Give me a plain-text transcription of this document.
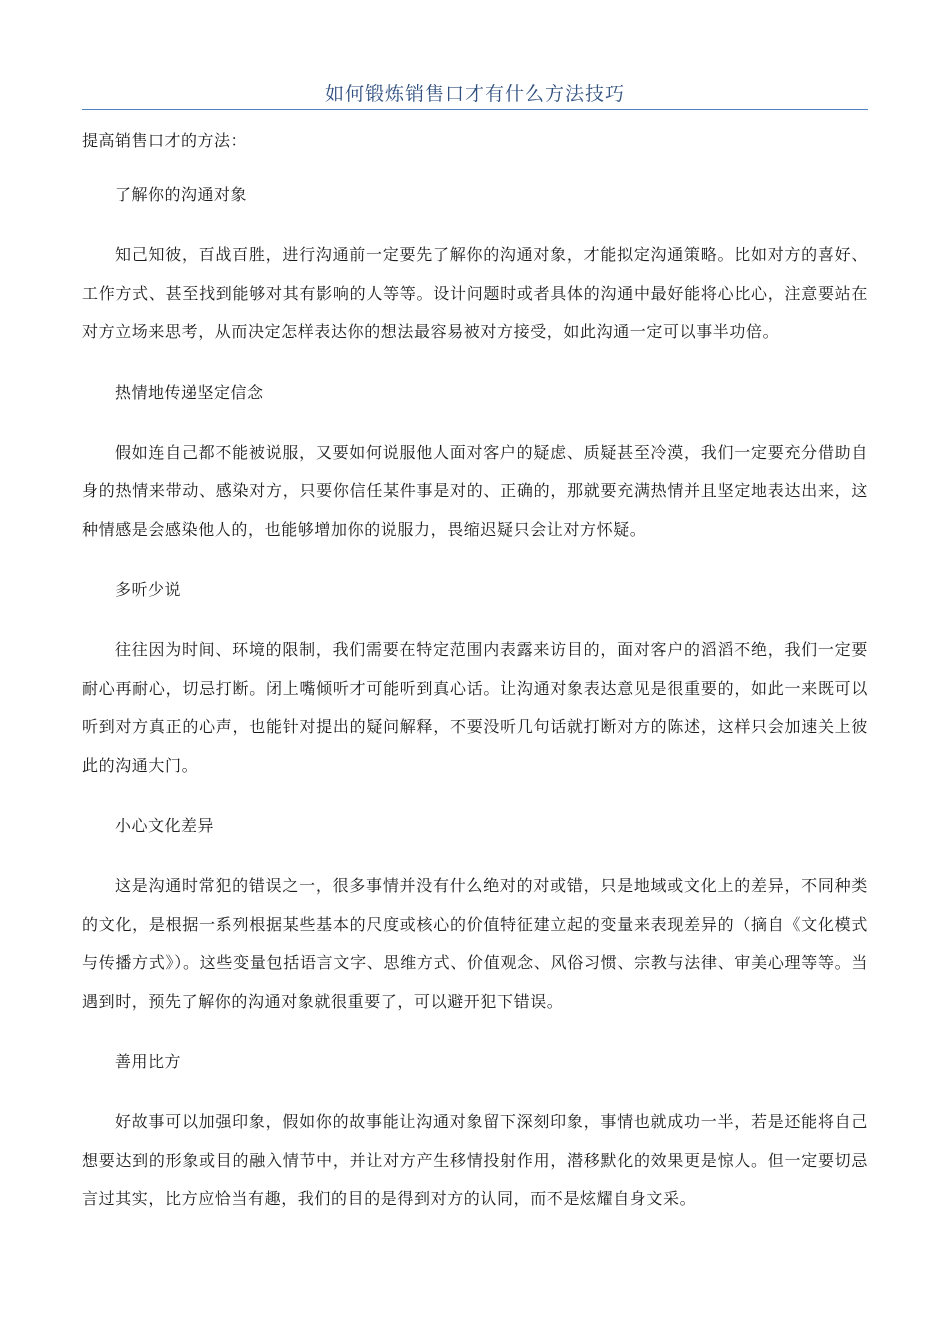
如何锻炼销售口才有什么方法技巧
提高销售口才的方法：
了解你的沟通对象
知己知彼，百战百胜，进行沟通前一定要先了解你的沟通对象，才能拟定沟通策略。比如对方的喜好、工作方式、甚至找到能够对其有影响的人等等。设计问题时或者具体的沟通中最好能将心比心，注意要站在对方立场来思考，从而决定怎样表达你的想法最容易被对方接受，如此沟通一定可以事半功倍。
热情地传递坚定信念
假如连自己都不能被说服，又要如何说服他人面对客户的疑虑、质疑甚至冷漠，我们一定要充分借助自身的热情来带动、感染对方，只要你信任某件事是对的、正确的，那就要充满热情并且坚定地表达出来，这种情感是会感染他人的，也能够增加你的说服力，畏缩迟疑只会让对方怀疑。
多听少说
往往因为时间、环境的限制，我们需要在特定范围内表露来访目的，面对客户的滔滔不绝，我们一定要耐心再耐心，切忌打断。闭上嘴倾听才可能听到真心话。让沟通对象表达意见是很重要的，如此一来既可以听到对方真正的心声，也能针对提出的疑问解释，不要没听几句话就打断对方的陈述，这样只会加速关上彼此的沟通大门。
小心文化差异
这是沟通时常犯的错误之一，很多事情并没有什么绝对的对或错，只是地域或文化上的差异，不同种类的文化，是根据一系列根据某些基本的尺度或核心的价值特征建立起的变量来表现差异的（摘自《文化模式与传播方式》）。这些变量包括语言文字、思维方式、价值观念、风俗习惯、宗教与法律、审美心理等等。当遇到时，预先了解你的沟通对象就很重要了，可以避开犯下错误。
善用比方
好故事可以加强印象，假如你的故事能让沟通对象留下深刻印象，事情也就成功一半，若是还能将自己想要达到的形象或目的融入情节中，并让对方产生移情投射作用，潜移默化的效果更是惊人。但一定要切忌言过其实，比方应恰当有趣，我们的目的是得到对方的认同，而不是炫耀自身文采。
